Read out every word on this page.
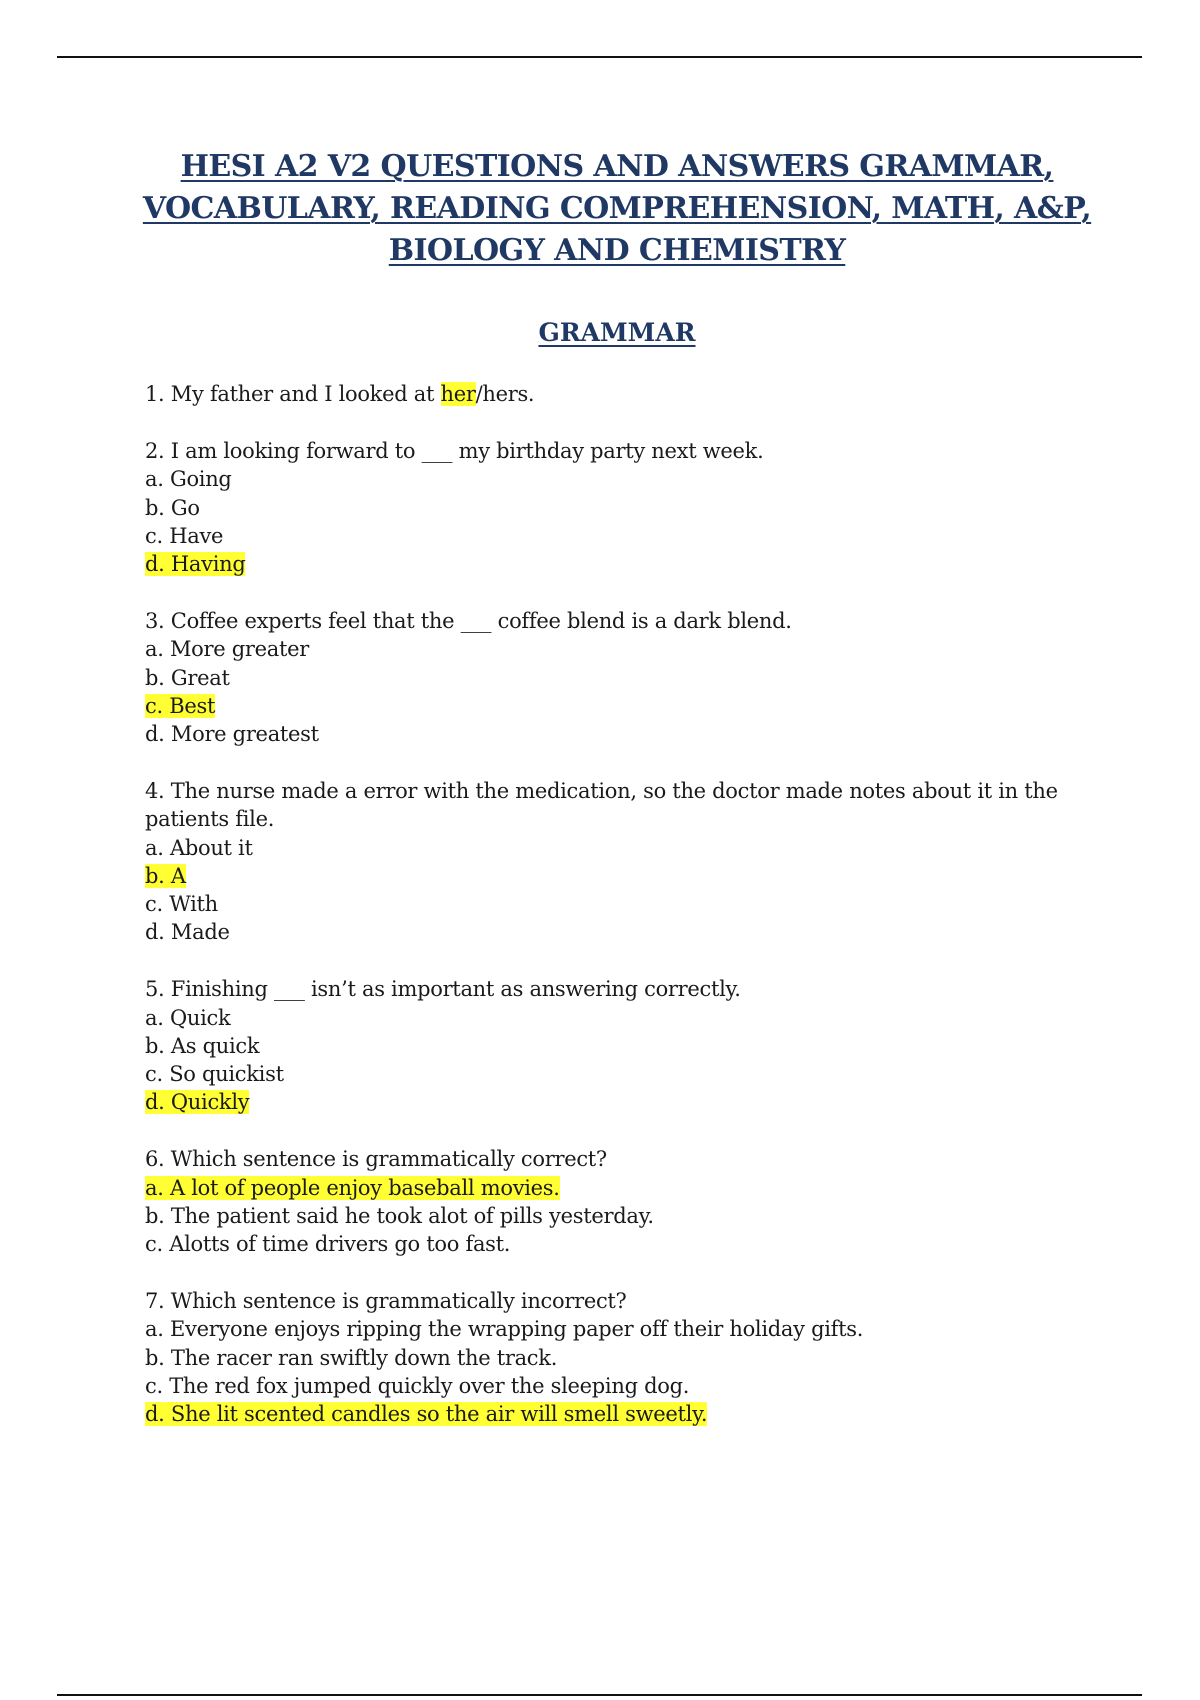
HESI A2 V2 QUESTIONS AND ANSWERS GRAMMAR, VOCABULARY, READING COMPREHENSION, MATH, A&P, BIOLOGY AND CHEMISTRY
GRAMMAR

1. My father and I looked at her/hers.

2. I am looking forward to ___ my birthday party next week.

a. Going

b. Go

c. Have

d. Having

3. Coffee experts feel that the ___ coffee blend is a dark blend.

a. More greater

b. Great

c. Best

d. More greatest

4. The nurse made a error with the medication, so the doctor made notes about it in the patients file.

a. About it

b. A

c. With

d. Made

5. Finishing ___ isn’t as important as answering correctly.

a. Quick

b. As quick

c. So quickist

d. Quickly

6. Which sentence is grammatically correct?

a. A lot of people enjoy baseball movies.

b. The patient said he took alot of pills yesterday.

c. Alotts of time drivers go too fast.

7. Which sentence is grammatically incorrect?

a. Everyone enjoys ripping the wrapping paper off their holiday gifts.

b. The racer ran swiftly down the track.

c. The red fox jumped quickly over the sleeping dog.

d. She lit scented candles so the air will smell sweetly.
